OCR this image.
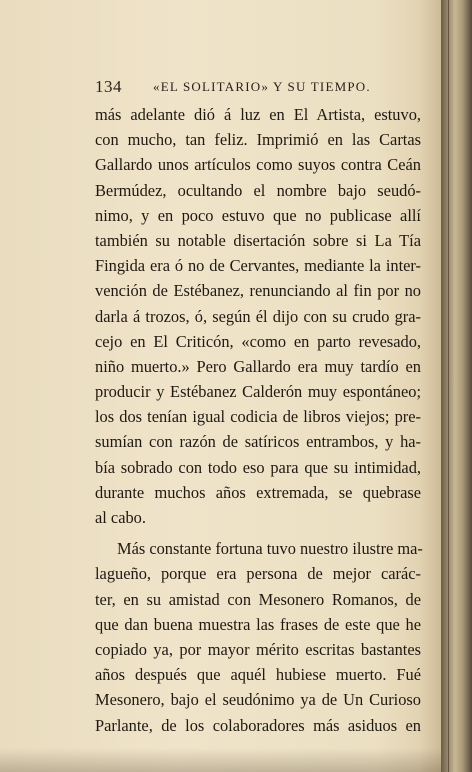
134 «EL SOLITARIO» Y SU TIEMPO.
más adelante dió á luz en El Artista, estuvo,
con mucho, tan feliz. Imprimió en las Cartas
Gallardo unos artículos como suyos contra Ceán
Bermúdez, ocultando el nombre bajo seudó-
nimo, y en poco estuvo que no publicase allí
también su notable disertación sobre si La Tía
Fingida era ó no de Cervantes, mediante la inter-
vención de Estébanez, renunciando al fin por no
darla á trozos, ó, según él dijo con su crudo gra-
cejo en El Criticón, «como en parto revesado,
niño muerto.» Pero Gallardo era muy tardío en
producir y Estébanez Calderón muy espontáneo;
los dos tenían igual codicia de libros viejos; pre-
sumían con razón de satíricos entrambos, y ha-
bía sobrado con todo eso para que su intimidad,
durante muchos años extremada, se quebrase
al cabo.
Más constante fortuna tuvo nuestro ilustre ma-
lagueño, porque era persona de mejor carác-
ter, en su amistad con Mesonero Romanos, de
que dan buena muestra las frases de este que he
copiado ya, por mayor mérito escritas bastantes
años después que aquél hubiese muerto. Fué
Mesonero, bajo el seudónimo ya de Un Curioso
Parlante, de los colaboradores más asiduos en
